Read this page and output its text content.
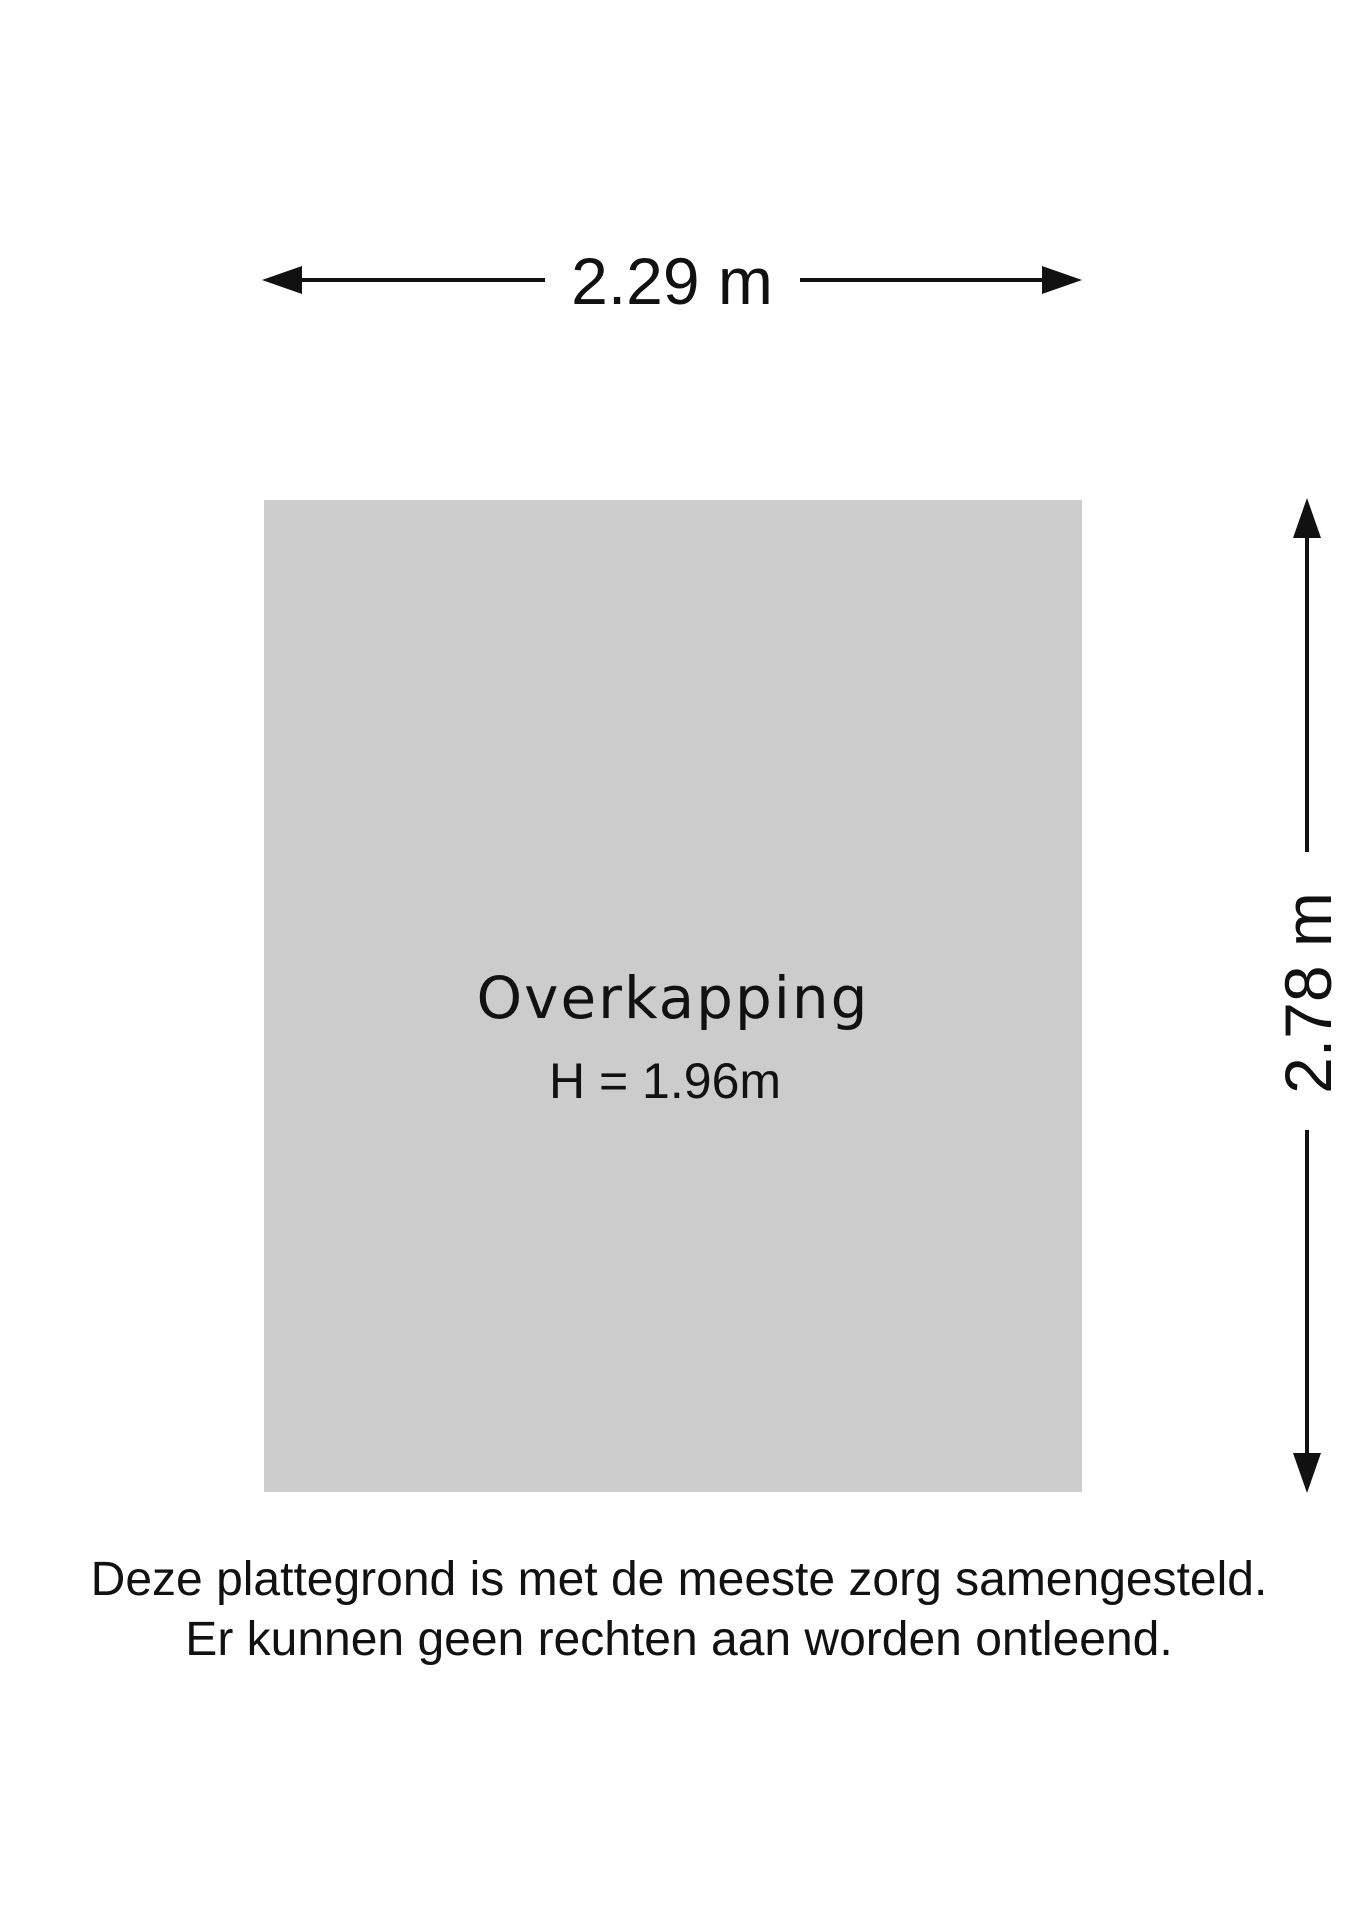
2.29 m
Overkapping
H = 1.96m	2.78 m
Deze plattegrond is met de meeste zorg samengesteld.
Er kunnen geen rechten aan worden ontleend.
